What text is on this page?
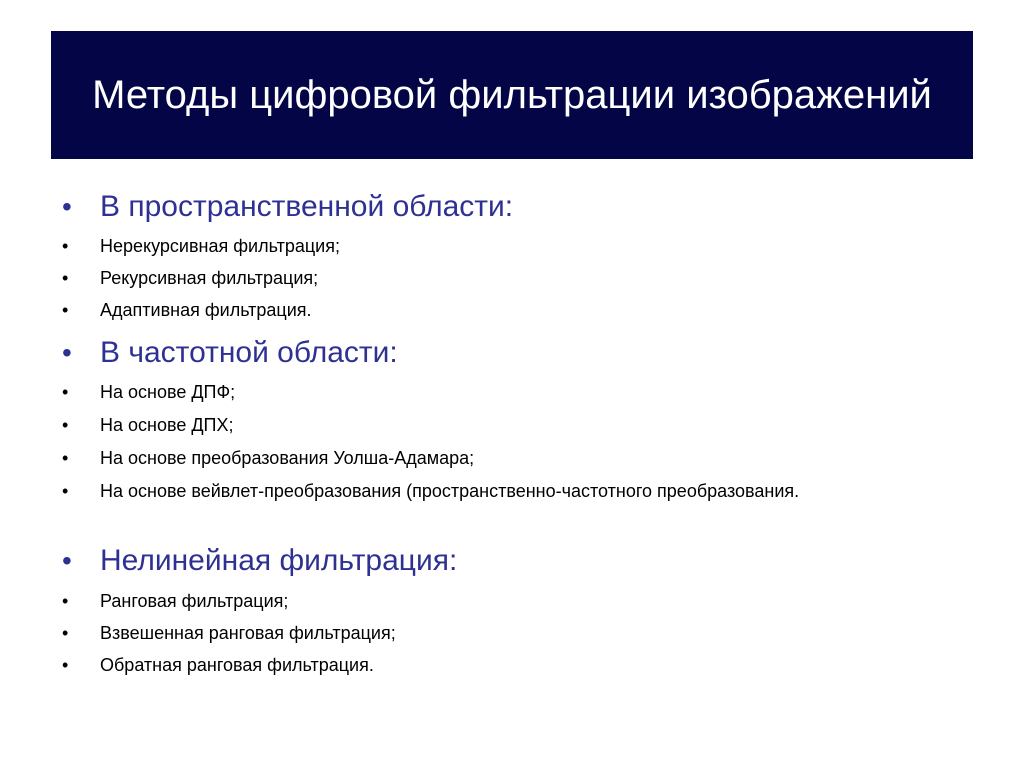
Методы цифровой фильтрации изображений
• В пространственной области:
•	Нерекурсивная фильтрация;
•	Рекурсивная фильтрация;
•	Адаптивная фильтрация.
• В частотной области:
•	На основе ДПФ;
•	На основе ДПХ;
•	На основе преобразования Уолша-Адамара;
•	На основе вейвлет-преобразования (пространственно-частотного преобразования.
• Нелинейная фильтрация:
•	Ранговая фильтрация;
•	Взвешенная ранговая фильтрация;
•	Обратная ранговая фильтрация.
